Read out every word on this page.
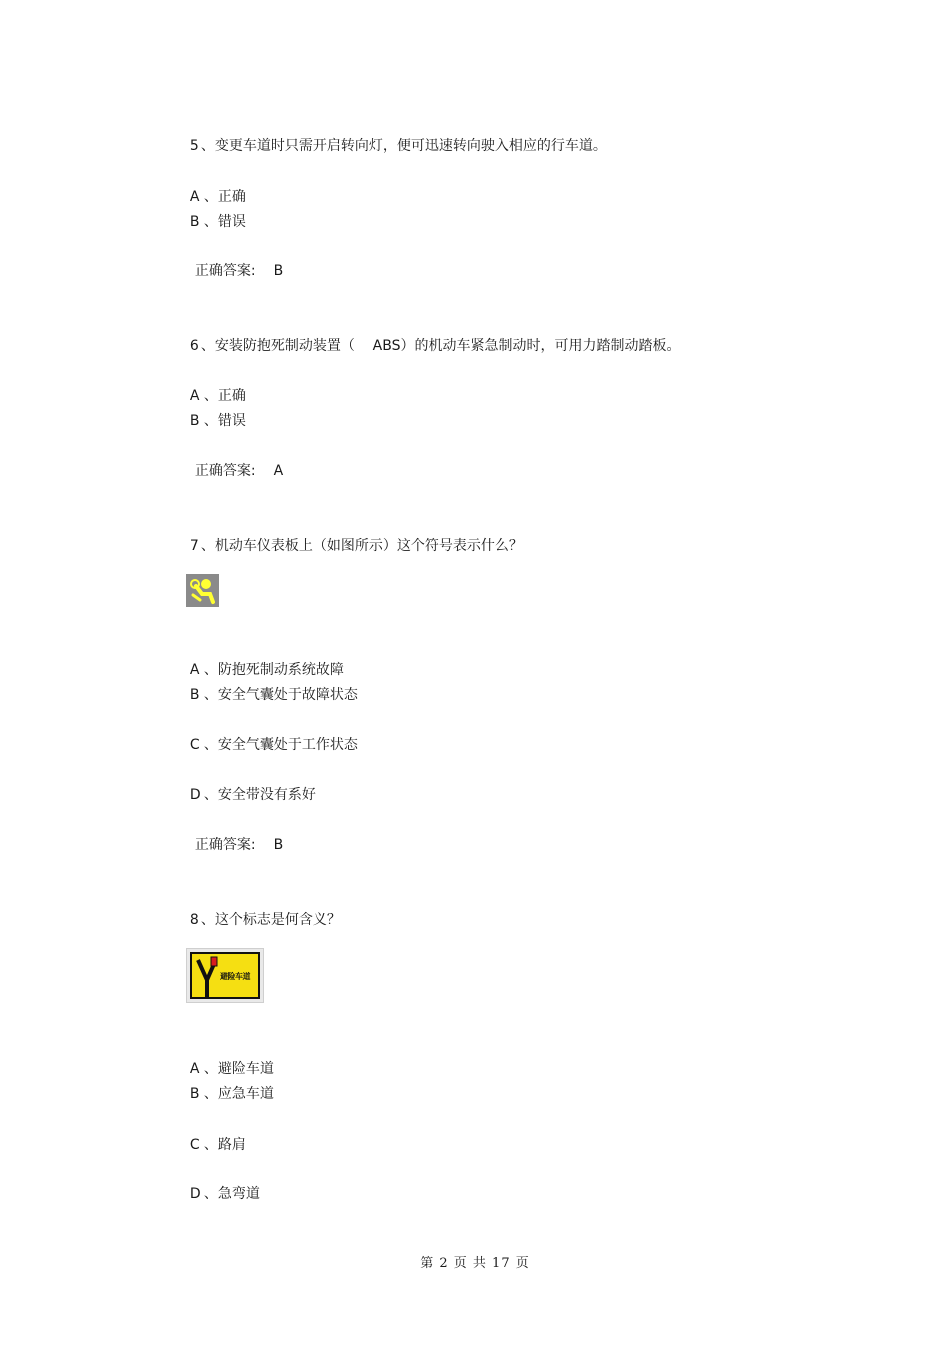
5 、变更车道时只需开启转向灯，便可迅速转向驶入相应的行车道。

A 、正确

B 、错误

正确答案: B

6 、安装防抱死制动装置（    ABS）的机动车紧急制动时，可用力踏制动踏板。

A 、正确

B 、错误

正确答案: A

7 、机动车仪表板上（如图所示）这个符号表示什么？

A 、防抱死制动系统故障

B 、安全气囊处于故障状态

C 、安全气囊处于工作状态

D 、安全带没有系好

正确答案: B

8 、这个标志是何含义？

避险车道

A 、避险车道

B 、应急车道

C 、路肩

D 、急弯道

第 2 页 共 17 页
